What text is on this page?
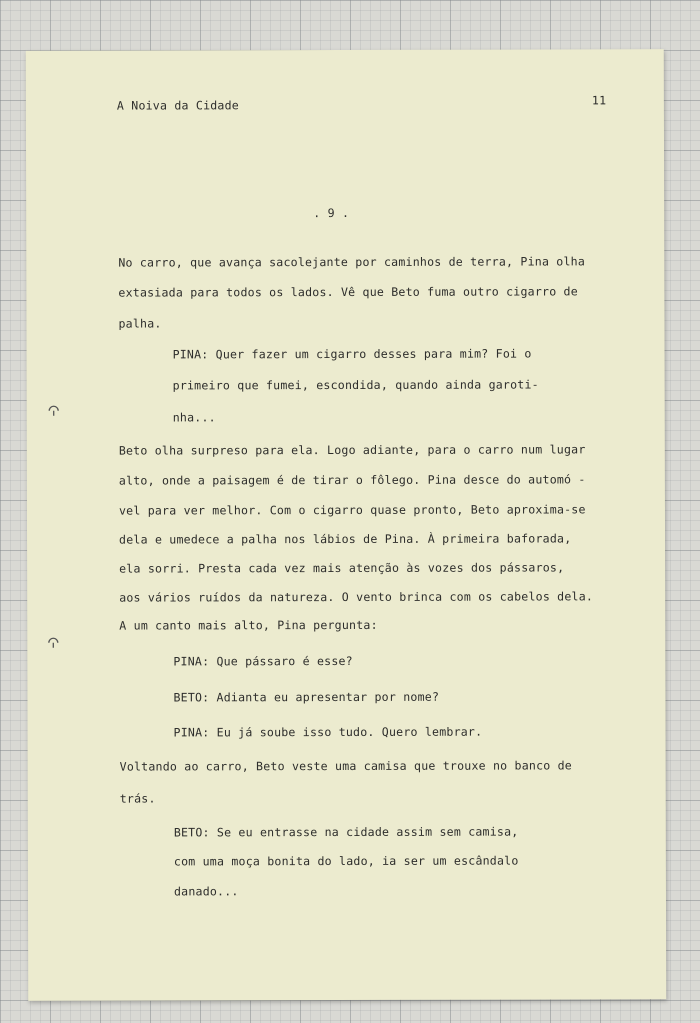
A Noiva da Cidade	11
. 9 .
No carro, que avança sacolejante por caminhos de terra, Pina olha
extasiada para todos os lados. Vê que Beto fuma outro cigarro de
palha.
PINA: Quer fazer um cigarro desses para mim? Foi o
primeiro que fumei, escondida, quando ainda garoti-
nha...
Beto olha surpreso para ela. Logo adiante, para o carro num lugar
alto, onde a paisagem é de tirar o fôlego. Pina desce do automó -
vel para ver melhor. Com o cigarro quase pronto, Beto aproxima-se
dela e umedece a palha nos lábios de Pina. À primeira baforada,
ela sorri. Presta cada vez mais atenção às vozes dos pássaros,
aos vários ruídos da natureza. O vento brinca com os cabelos dela.
A um canto mais alto, Pina pergunta:
PINA: Que pássaro é esse?
BETO: Adianta eu apresentar por nome?
PINA: Eu já soube isso tudo. Quero lembrar.
Voltando ao carro, Beto veste uma camisa que trouxe no banco de
trás.
BETO: Se eu entrasse na cidade assim sem camisa,
com uma moça bonita do lado, ia ser um escândalo
danado...
